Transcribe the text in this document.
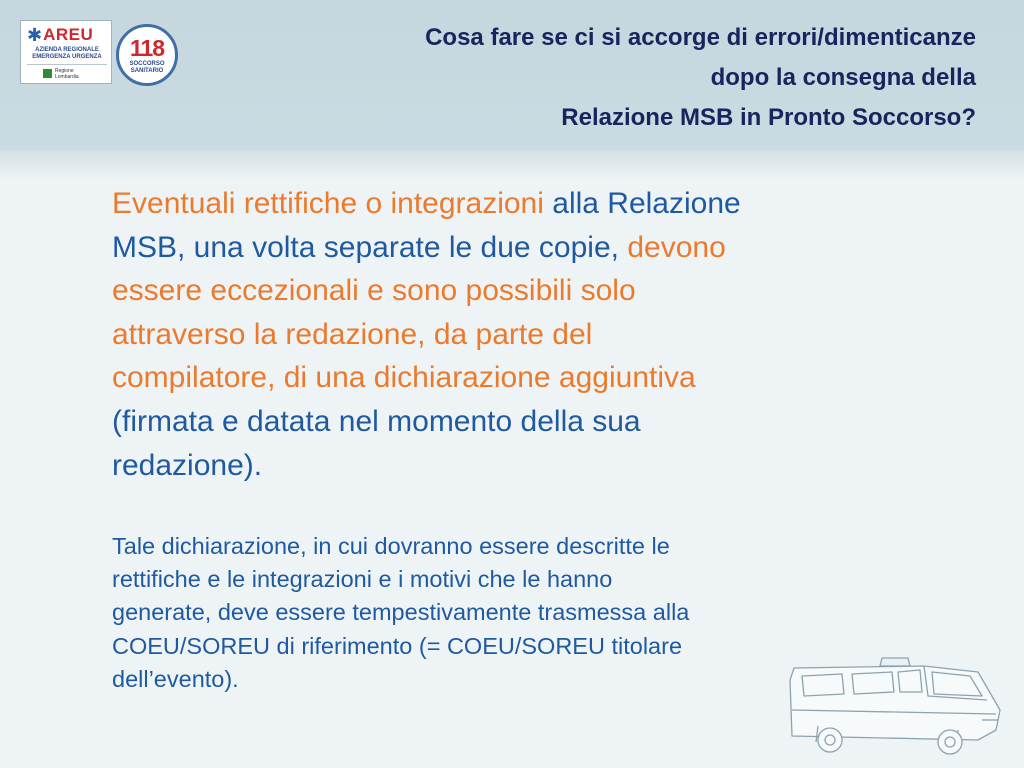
✱ AREU
AZIENDA REGIONALE
EMERGENZA URGENZA
Regione
Lombardia
118
SOCCORSO
SANITARIO
Cosa fare se ci si accorge di errori/dimenticanze
dopo la consegna della
Relazione MSB in Pronto Soccorso?
Eventuali rettifiche o integrazioni alla Relazione
MSB, una volta separate le due copie, devono
essere eccezionali e sono possibili solo
attraverso la redazione, da parte del
compilatore, di una dichiarazione aggiuntiva
(firmata e datata nel momento della sua
redazione).
Tale dichiarazione, in cui dovranno essere descritte le
rettifiche e le integrazioni e i motivi che le hanno
generate, deve essere tempestivamente trasmessa alla
COEU/SOREU di riferimento (= COEU/SOREU titolare
dell’evento).
